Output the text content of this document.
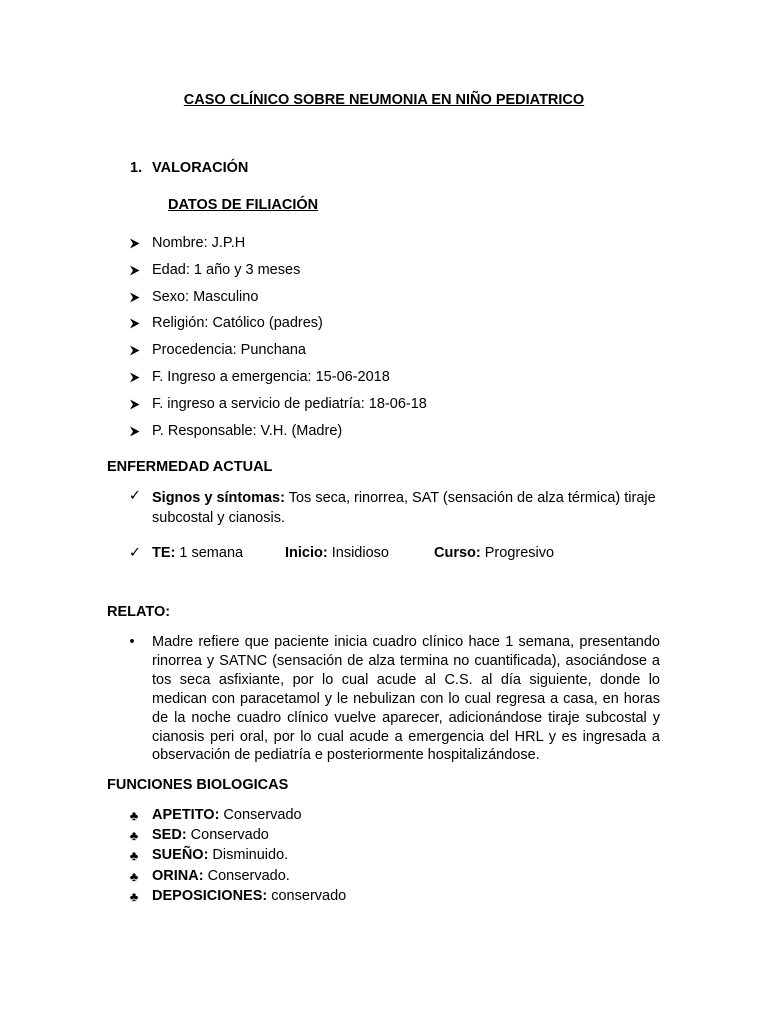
CASO CLÍNICO SOBRE NEUMONIA EN NIÑO PEDIATRICO
1. VALORACIÓN
DATOS DE FILIACIÓN
Nombre: J.P.H
Edad: 1 año y 3 meses
Sexo: Masculino
Religión: Católico (padres)
Procedencia: Punchana
F. Ingreso a emergencia: 15-06-2018
F. ingreso a servicio de pediatría: 18-06-18
P. Responsable: V.H. (Madre)
ENFERMEDAD ACTUAL
✓ Signos y síntomas: Tos seca, rinorrea, SAT (sensación de alza térmica) tiraje subcostal y cianosis.
✓ TE: 1 semana	Inicio: Insidioso	Curso: Progresivo
RELATO:
•	Madre refiere que paciente inicia cuadro clínico hace 1 semana, presentando rinorrea y SATNC (sensación de alza termina no cuantificada), asociándose a tos seca asfixiante, por lo cual acude al C.S. al día siguiente, donde lo medican con paracetamol y le nebulizan con lo cual regresa a casa, en horas de la noche cuadro clínico vuelve aparecer, adicionándose tiraje subcostal y cianosis peri oral, por lo cual acude a emergencia del HRL y es ingresada a observación de pediatría e posteriormente hospitalizándose.
FUNCIONES BIOLOGICAS
♣ APETITO: Conservado
♣ SED: Conservado
♣ SUEÑO: Disminuido.
♣ ORINA: Conservado.
♣ DEPOSICIONES: conservado
